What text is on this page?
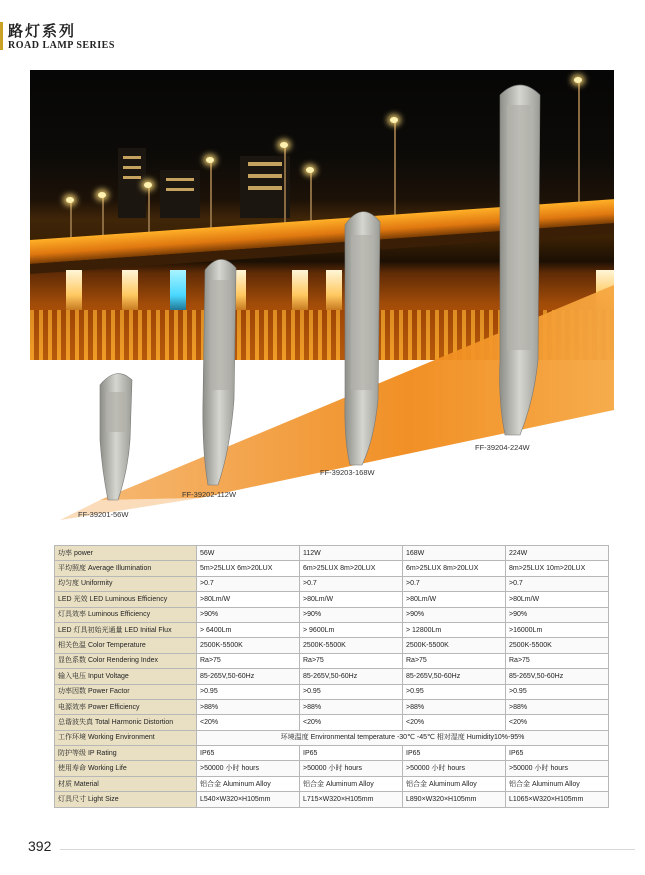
路灯系列
ROAD LAMP SERIES
FF-39201-56W
FF-39202-112W
FF-39203-168W
FF-39204-224W
功率 power	56W	112W	168W	224W
平均照度 Average Illumination	5m>25LUX 6m>20LUX	6m>25LUX 8m>20LUX	6m>25LUX 8m>20LUX	8m>25LUX 10m>20LUX
均匀度 Uniformity	>0.7	>0.7	>0.7	>0.7
LED 光效 LED Luminous Efficiency	>80Lm/W	>80Lm/W	>80Lm/W	>80Lm/W
灯具效率 Luminous Efficiency	>90%	>90%	>90%	>90%
LED 灯具初始光通量 LED Initial Flux	> 6400Lm	> 9600Lm	> 12800Lm	>16000Lm
相关色温 Color Temperature	2500K-5500K	2500K-5500K	2500K-5500K	2500K-5500K
显色系数 Color Rendering Index	Ra>75	Ra>75	Ra>75	Ra>75
输入电压 Input Voltage	85-265V,50-60Hz	85-265V,50-60Hz	85-265V,50-60Hz	85-265V,50-60Hz
功率因数 Power Factor	>0.95	>0.95	>0.95	>0.95
电源效率 Power Efficiency	>88%	>88%	>88%	>88%
总谐波失真 Total Harmonic Distortion	<20%	<20%	<20%	<20%
工作环境 Working Environment	环境温度 Environmental temperature -30℃ -45℃ 相对湿度 Humidity10%-95%			
防护等级 IP Rating	IP65	IP65	IP65	IP65
使用寿命 Working Life	>50000 小时 hours	>50000 小时 hours	>50000 小时 hours	>50000 小时 hours
材质 Material	铝合金 Aluminum Alloy	铝合金 Aluminum Alloy	铝合金 Aluminum Alloy	铝合金 Aluminum Alloy
灯具尺寸 Light Size	L540×W320×H105mm	L715×W320×H105mm	L890×W320×H105mm	L1065×W320×H105mm
392
